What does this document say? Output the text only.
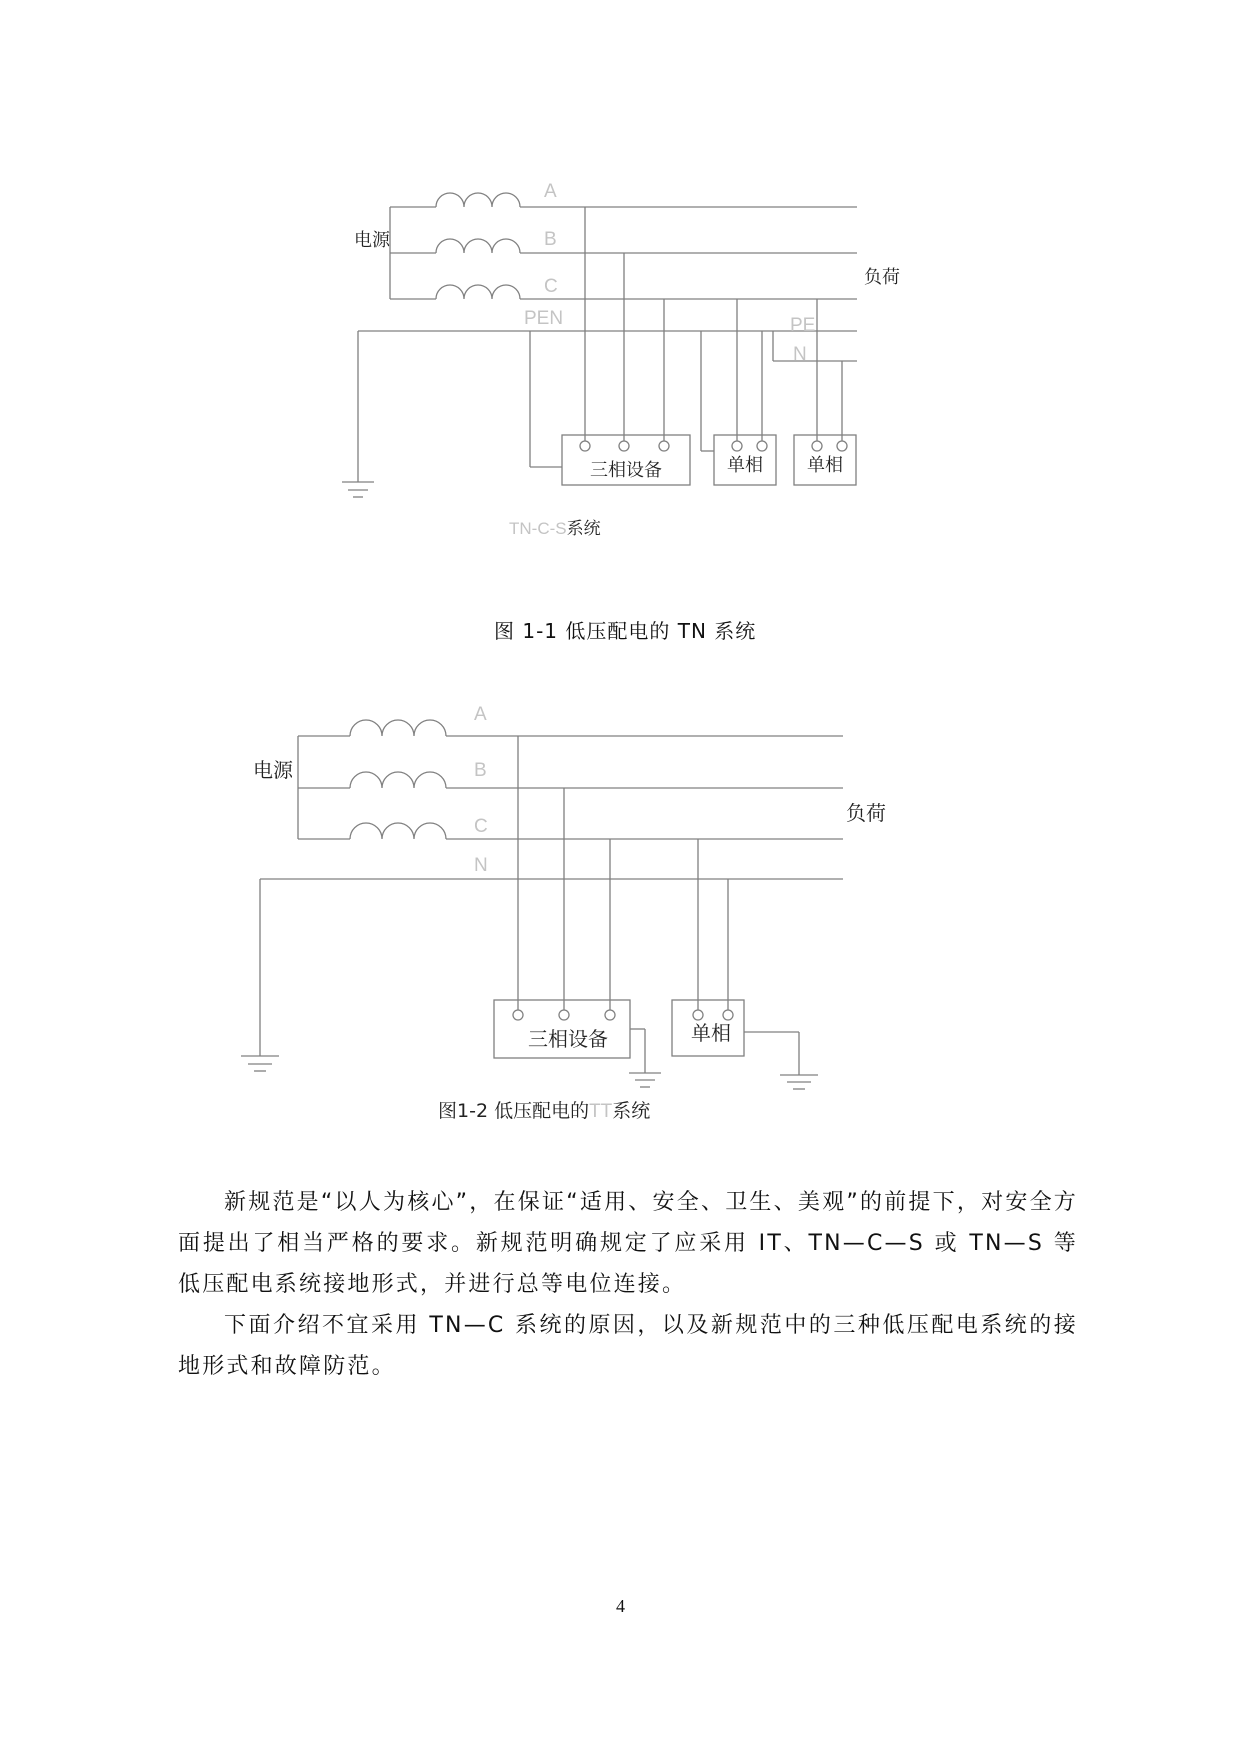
电源
负荷
A
B
C
PEN	PE
N
三相设备	单相 单相
TN-C-S系统
电源
负荷
A
B
C
N
三相设备	单相
图1-2 低压配电的TT系统
图 1-1 低压配电的 TN 系统

新规范是“以人为核心”，在保证“适用、安全、卫生、美观”的前提下，对安全方面提出了相当严格的要求。新规范明确规定了应采用 IT、TN—C—S 或 TN—S 等低压配电系统接地形式，并进行总等电位连接。

下面介绍不宜采用 TN—C 系统的原因，以及新规范中的三种低压配电系统的接地形式和故障防范。

4
